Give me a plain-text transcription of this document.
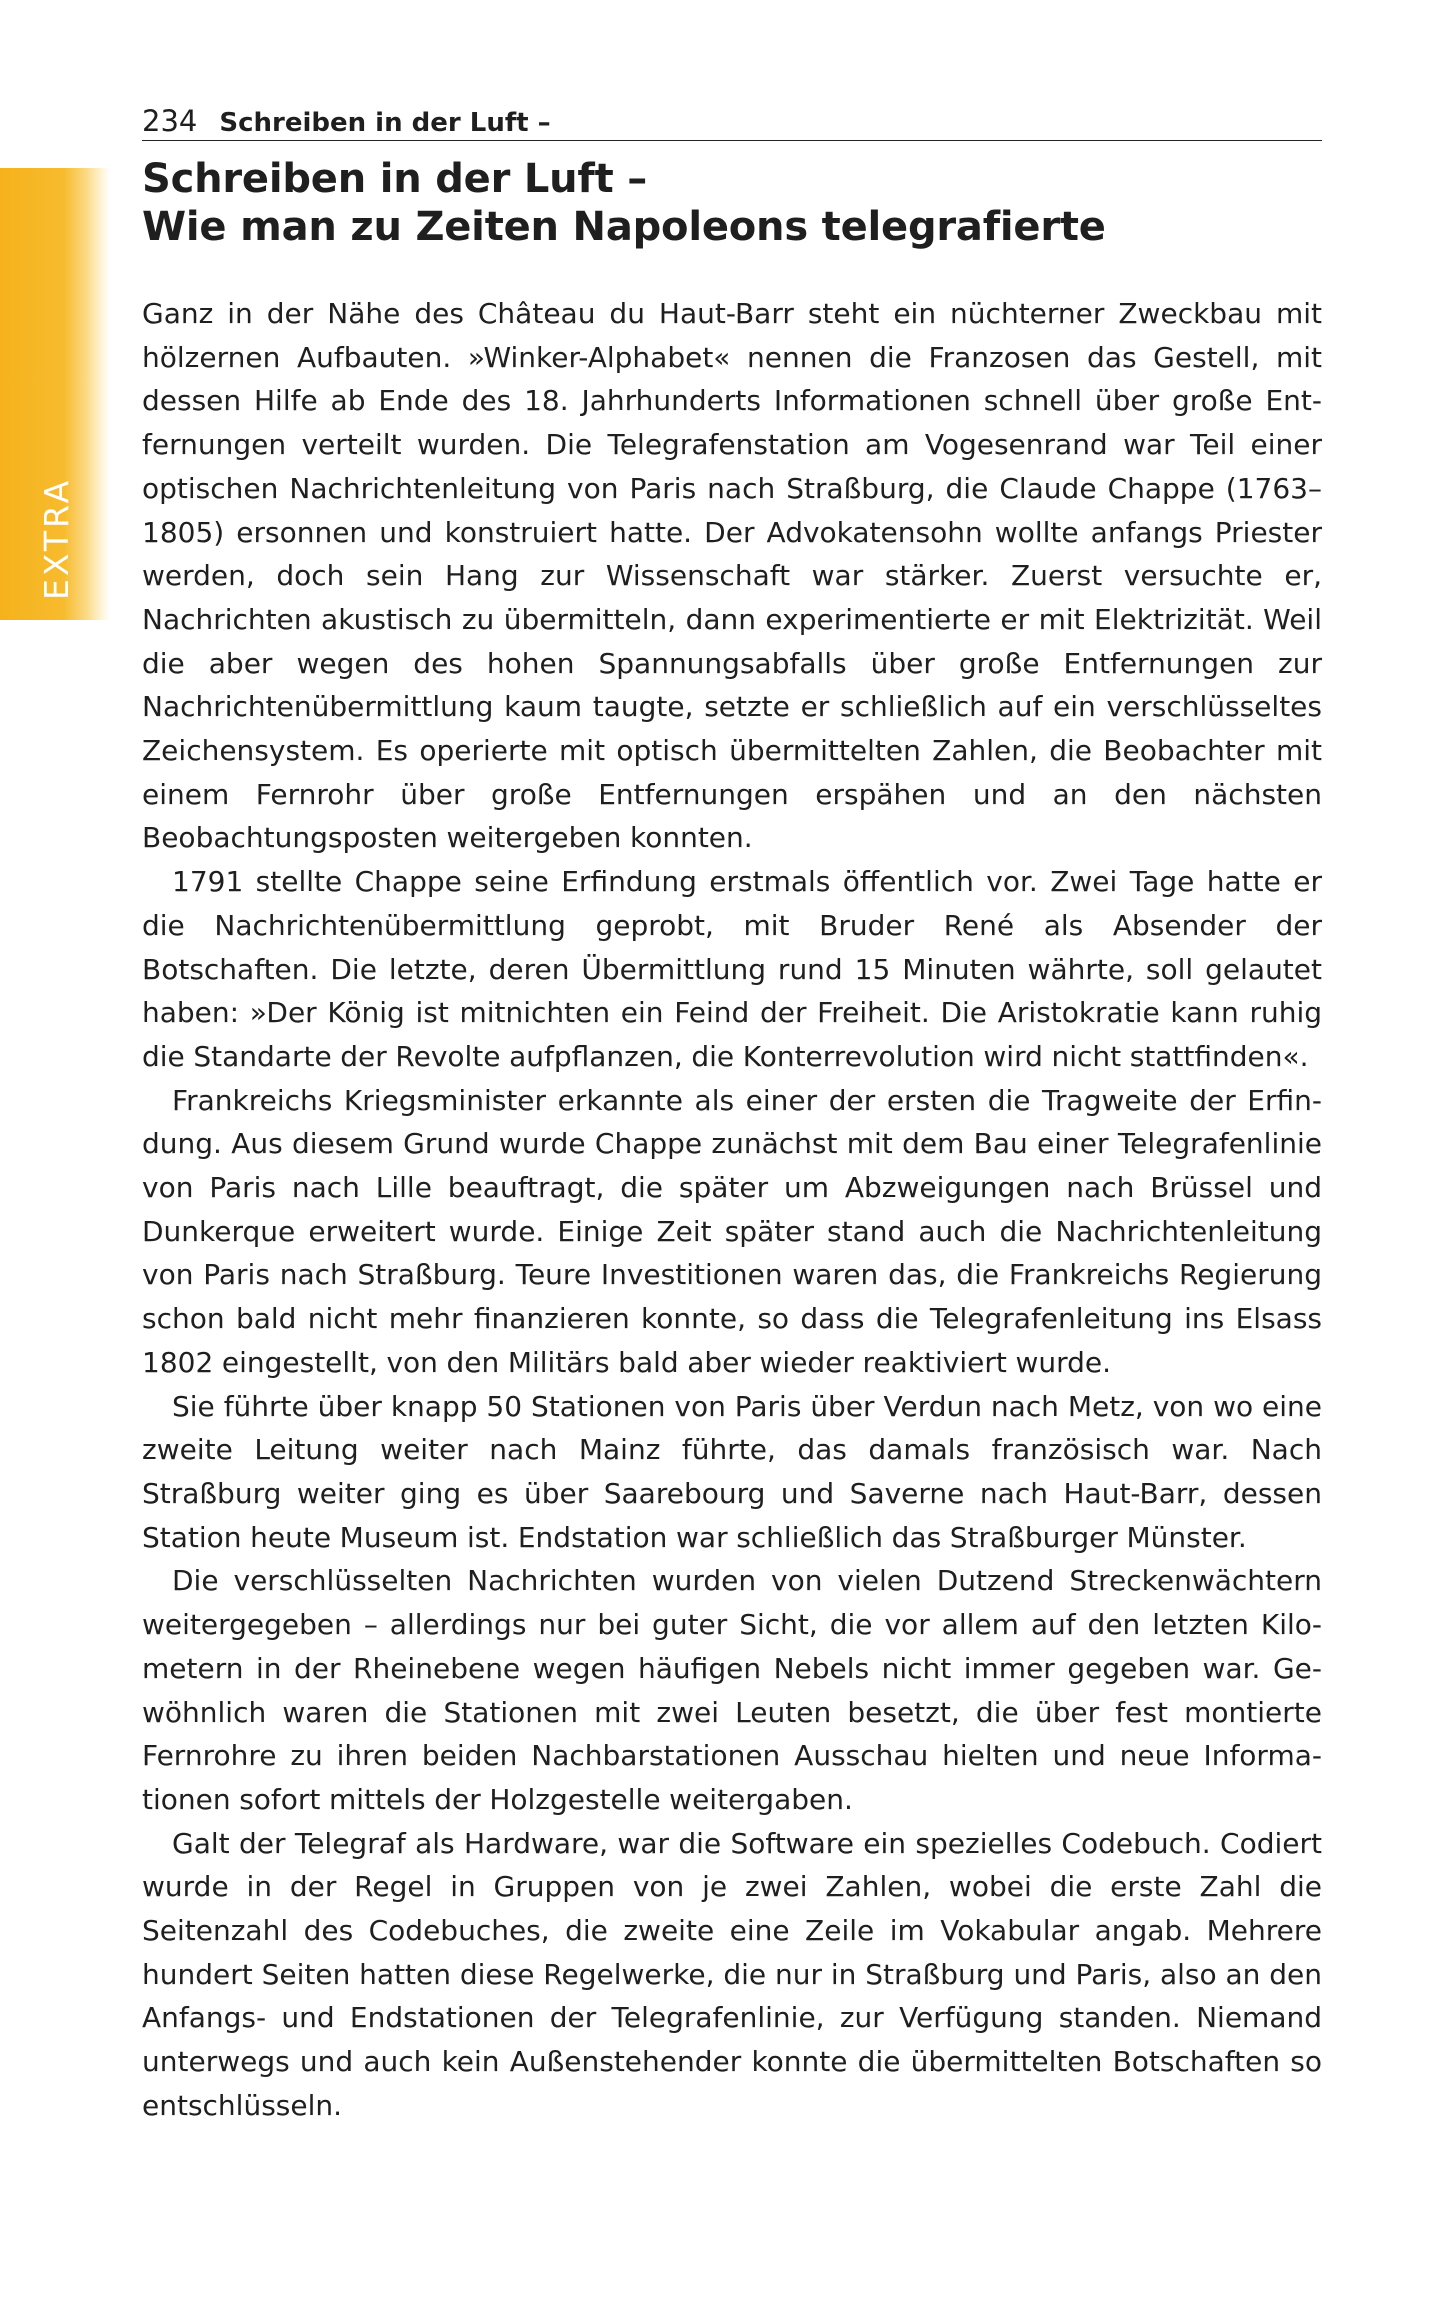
EXTRA
234 Schreiben in der Luft –
Schreiben in der Luft –
Wie man zu Zeiten Napoleons telegrafierte

Ganz in der Nähe des Château du Haut-Barr steht ein nüchterner Zweckbau mit hölzernen Aufbauten. »Winker-Alphabet« nennen die Franzosen das Gestell, mit dessen Hilfe ab Ende des 18. Jahrhunderts Informationen schnell über große Entfernungen verteilt wurden. Die Telegrafenstation am Vogesenrand war Teil einer optischen Nachrichtenleitung von Paris nach Straßburg, die Claude Chappe (1763–1805) ersonnen und konstruiert hatte. Der Advokatensohn wollte anfangs Priester werden, doch sein Hang zur Wissenschaft war stärker. Zuerst versuchte er, Nachrichten akustisch zu übermitteln, dann experimentierte er mit Elektrizität. Weil die aber wegen des hohen Spannungsabfalls über große Entfernungen zur Nachrichtenübermittlung kaum taugte, setzte er schließlich auf ein verschlüsseltes Zeichensystem. Es operierte mit optisch übermittelten Zahlen, die Beobachter mit einem Fernrohr über große Entfernungen erspähen und an den nächsten Beobachtungsposten weitergeben konnten.

1791 stellte Chappe seine Erfindung erstmals öffentlich vor. Zwei Tage hatte er die Nachrichtenübermittlung geprobt, mit Bruder René als Absender der Botschaften. Die letzte, deren Übermittlung rund 15 Minuten währte, soll gelautet haben: »Der König ist mitnichten ein Feind der Freiheit. Die Aristokratie kann ruhig die Standarte der Revolte aufpflanzen, die Konterrevolution wird nicht stattfinden«.

Frankreichs Kriegsminister erkannte als einer der ersten die Tragweite der Erfindung. Aus diesem Grund wurde Chappe zunächst mit dem Bau einer Telegrafenlinie von Paris nach Lille beauftragt, die später um Abzweigungen nach Brüssel und Dunkerque erweitert wurde. Einige Zeit später stand auch die Nachrichtenleitung von Paris nach Straßburg. Teure Investitionen waren das, die Frankreichs Regierung schon bald nicht mehr finanzieren konnte, so dass die Telegrafenleitung ins Elsass 1802 eingestellt, von den Militärs bald aber wieder reaktiviert wurde.

Sie führte über knapp 50 Stationen von Paris über Verdun nach Metz, von wo eine zweite Leitung weiter nach Mainz führte, das damals französisch war. Nach Straßburg weiter ging es über Saarebourg und Saverne nach Haut-Barr, dessen Station heute Museum ist. Endstation war schließlich das Straßburger Münster.

Die verschlüsselten Nachrichten wurden von vielen Dutzend Streckenwächtern weitergegeben – allerdings nur bei guter Sicht, die vor allem auf den letzten Kilometern in der Rheinebene wegen häufigen Nebels nicht immer gegeben war. Gewöhnlich waren die Stationen mit zwei Leuten besetzt, die über fest montierte Fernrohre zu ihren beiden Nachbarstationen Ausschau hielten und neue Informationen sofort mittels der Holzgestelle weitergaben.

Galt der Telegraf als Hardware, war die Software ein spezielles Codebuch. Codiert wurde in der Regel in Gruppen von je zwei Zahlen, wobei die erste Zahl die Seitenzahl des Codebuches, die zweite eine Zeile im Vokabular angab. Mehrere hundert Seiten hatten diese Regelwerke, die nur in Straßburg und Paris, also an den Anfangs- und Endstationen der Telegrafenlinie, zur Verfügung standen. Niemand unterwegs und auch kein Außenstehender konnte die übermittelten Botschaften so entschlüsseln.
